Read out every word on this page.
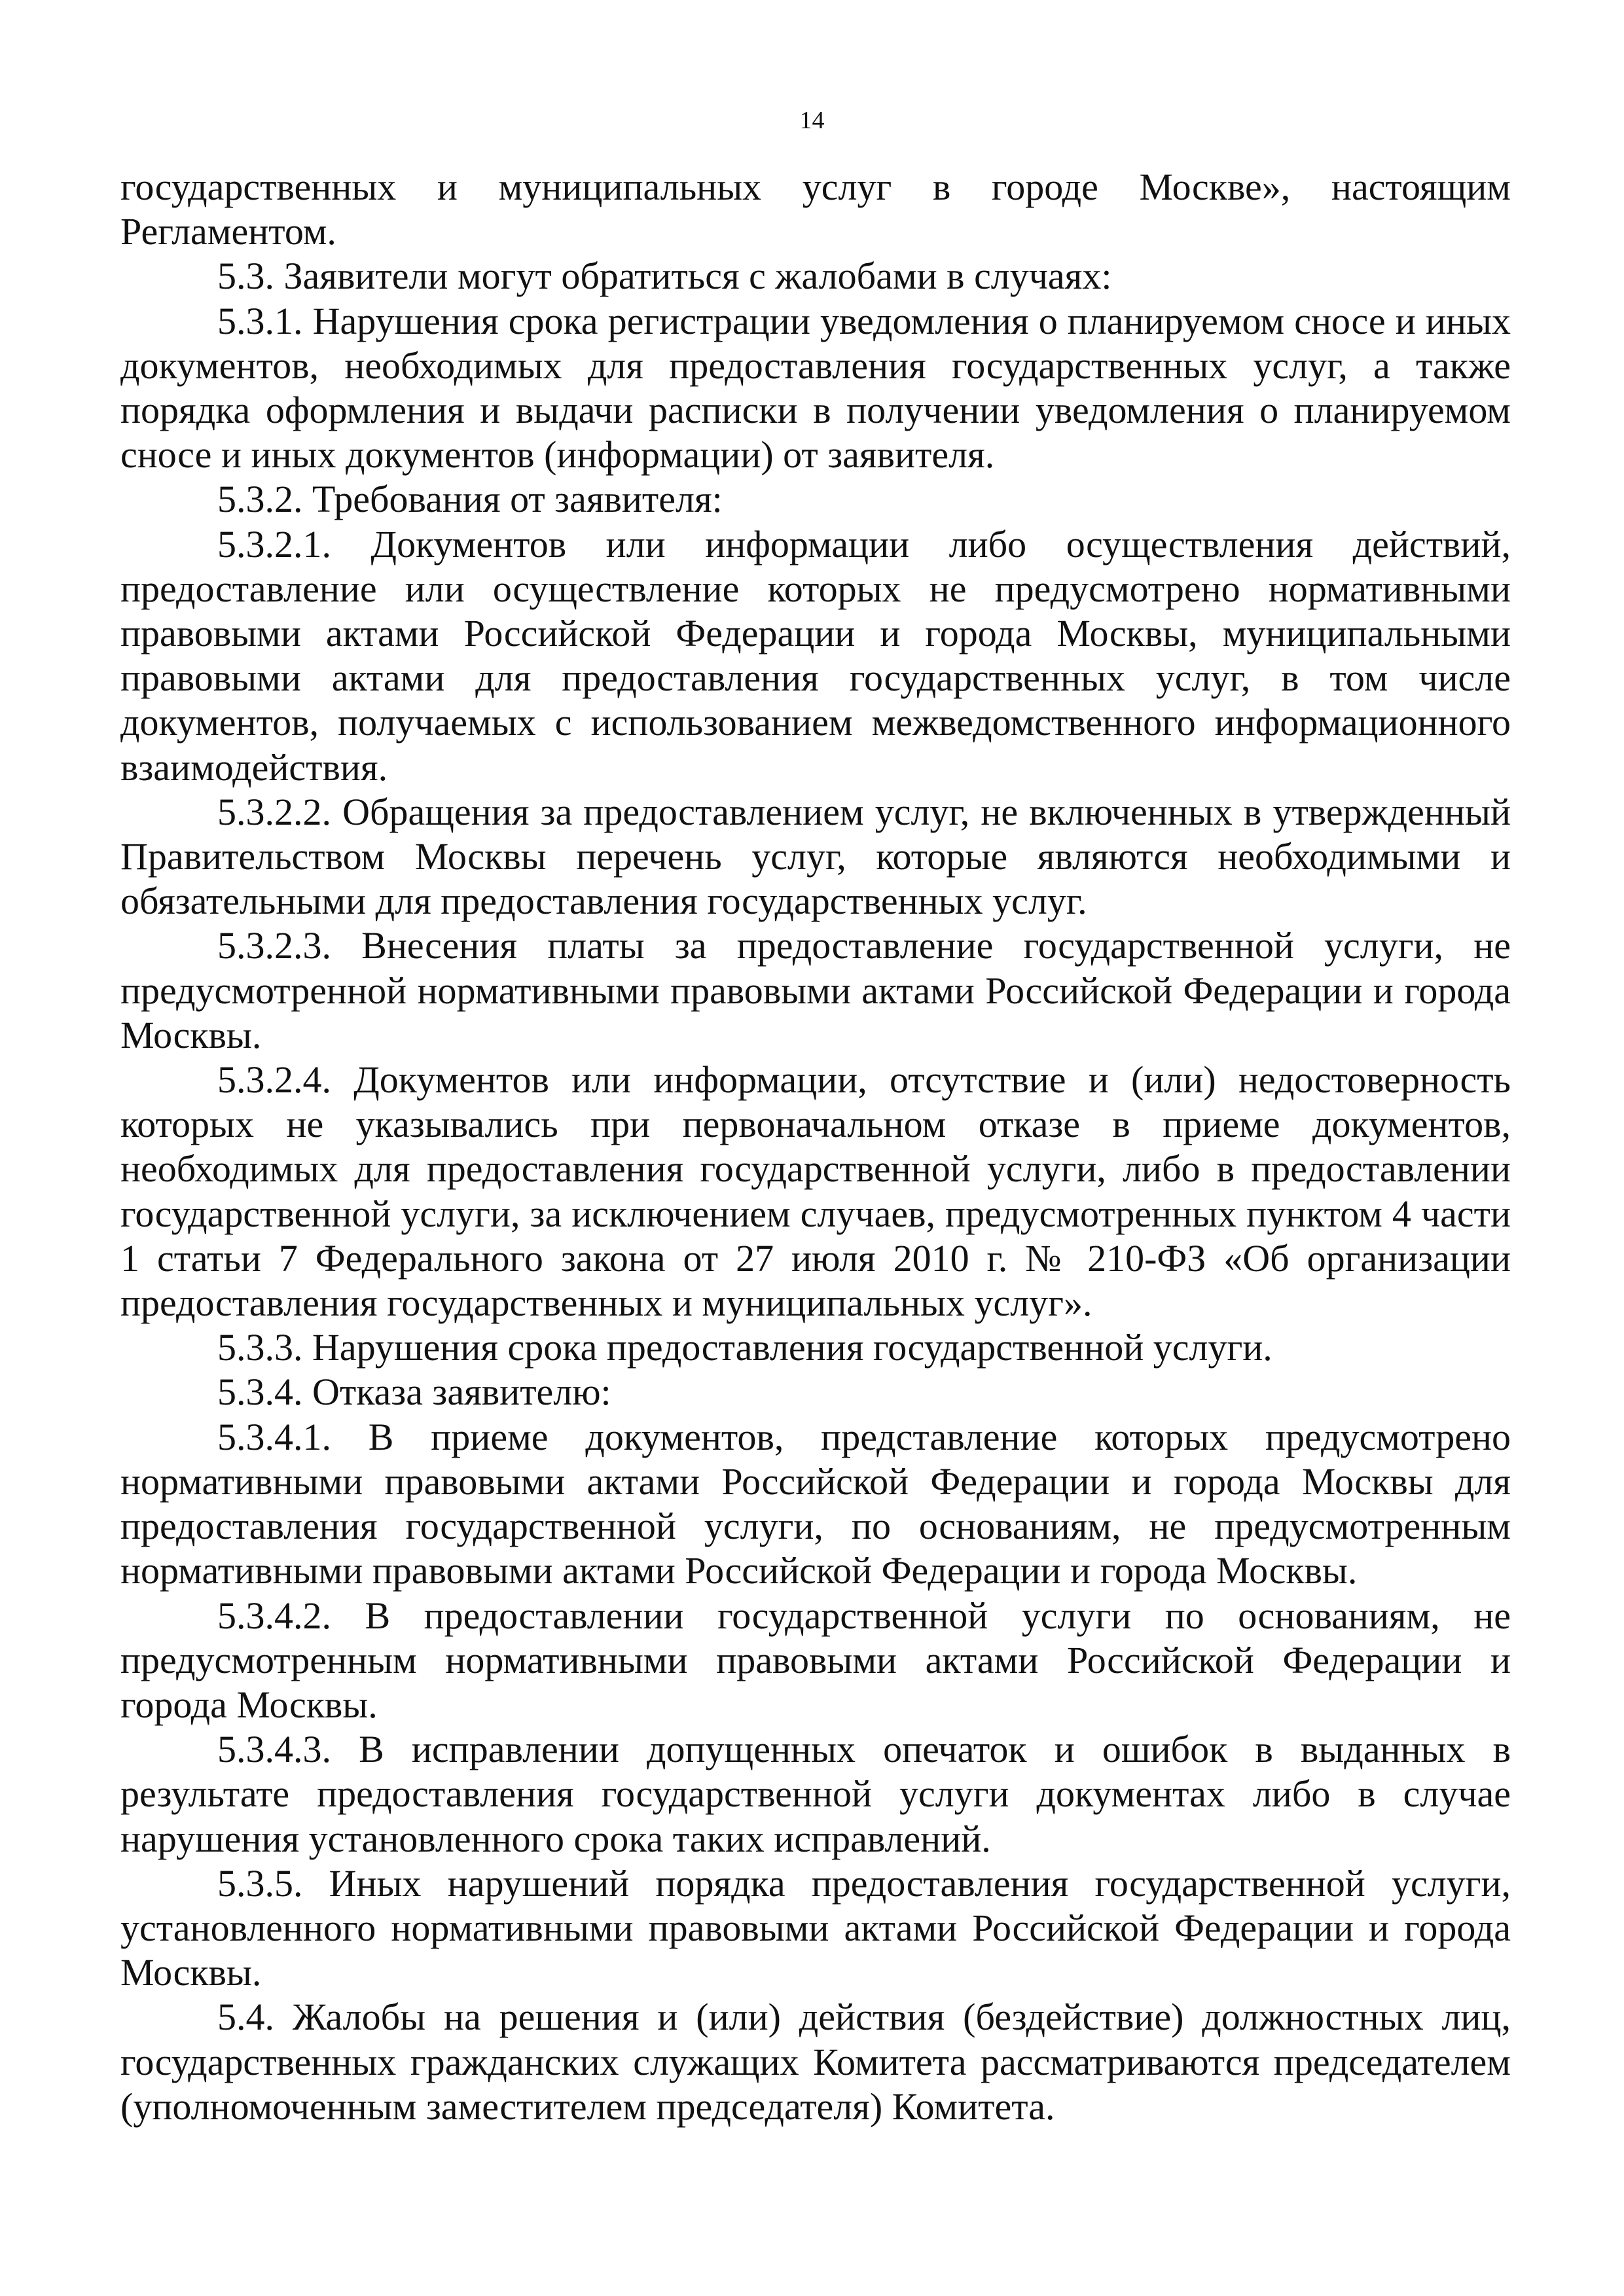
14

государственных и муниципальных услуг в городе Москве», настоящим Регламентом.

5.3. Заявители могут обратиться с жалобами в случаях:

5.3.1. Нарушения срока регистрации уведомления о планируемом сносе и иных документов, необходимых для предоставления государственных услуг, а также порядка оформления и выдачи расписки в получении уведомления о планируемом сносе и иных документов (информации) от заявителя.

5.3.2. Требования от заявителя:

5.3.2.1. Документов или информации либо осуществления действий, предоставление или осуществление которых не предусмотрено нормативными правовыми актами Российской Федерации и города Москвы, муниципальными правовыми актами для предоставления государственных услуг, в том числе документов, получаемых с использованием межведомственного информационного взаимодействия.

5.3.2.2. Обращения за предоставлением услуг, не включенных в утвержденный Правительством Москвы перечень услуг, которые являются необходимыми и обязательными для предоставления государственных услуг.

5.3.2.3. Внесения платы за предоставление государственной услуги, не предусмотренной нормативными правовыми актами Российской Федерации и города Москвы.

5.3.2.4. Документов или информации, отсутствие и (или) недостоверность которых не указывались при первоначальном отказе в приеме документов, необходимых для предоставления государственной услуги, либо в предоставлении государственной услуги, за исключением случаев, предусмотренных пунктом 4 части 1 статьи 7 Федерального закона от 27 июля 2010 г. № 210-ФЗ «Об организации предоставления государственных и муниципальных услуг».

5.3.3. Нарушения срока предоставления государственной услуги.

5.3.4. Отказа заявителю:

5.3.4.1. В приеме документов, представление которых предусмотрено нормативными правовыми актами Российской Федерации и города Москвы для предоставления государственной услуги, по основаниям, не предусмотренным нормативными правовыми актами Российской Федерации и города Москвы.

5.3.4.2. В предоставлении государственной услуги по основаниям, не предусмотренным нормативными правовыми актами Российской Федерации и города Москвы.

5.3.4.3. В исправлении допущенных опечаток и ошибок в выданных в результате предоставления государственной услуги документах либо в случае нарушения установленного срока таких исправлений.

5.3.5. Иных нарушений порядка предоставления государственной услуги, установленного нормативными правовыми актами Российской Федерации и города Москвы.

5.4. Жалобы на решения и (или) действия (бездействие) должностных лиц, государственных гражданских служащих Комитета рассматриваются председателем (уполномоченным заместителем председателя) Комитета.
